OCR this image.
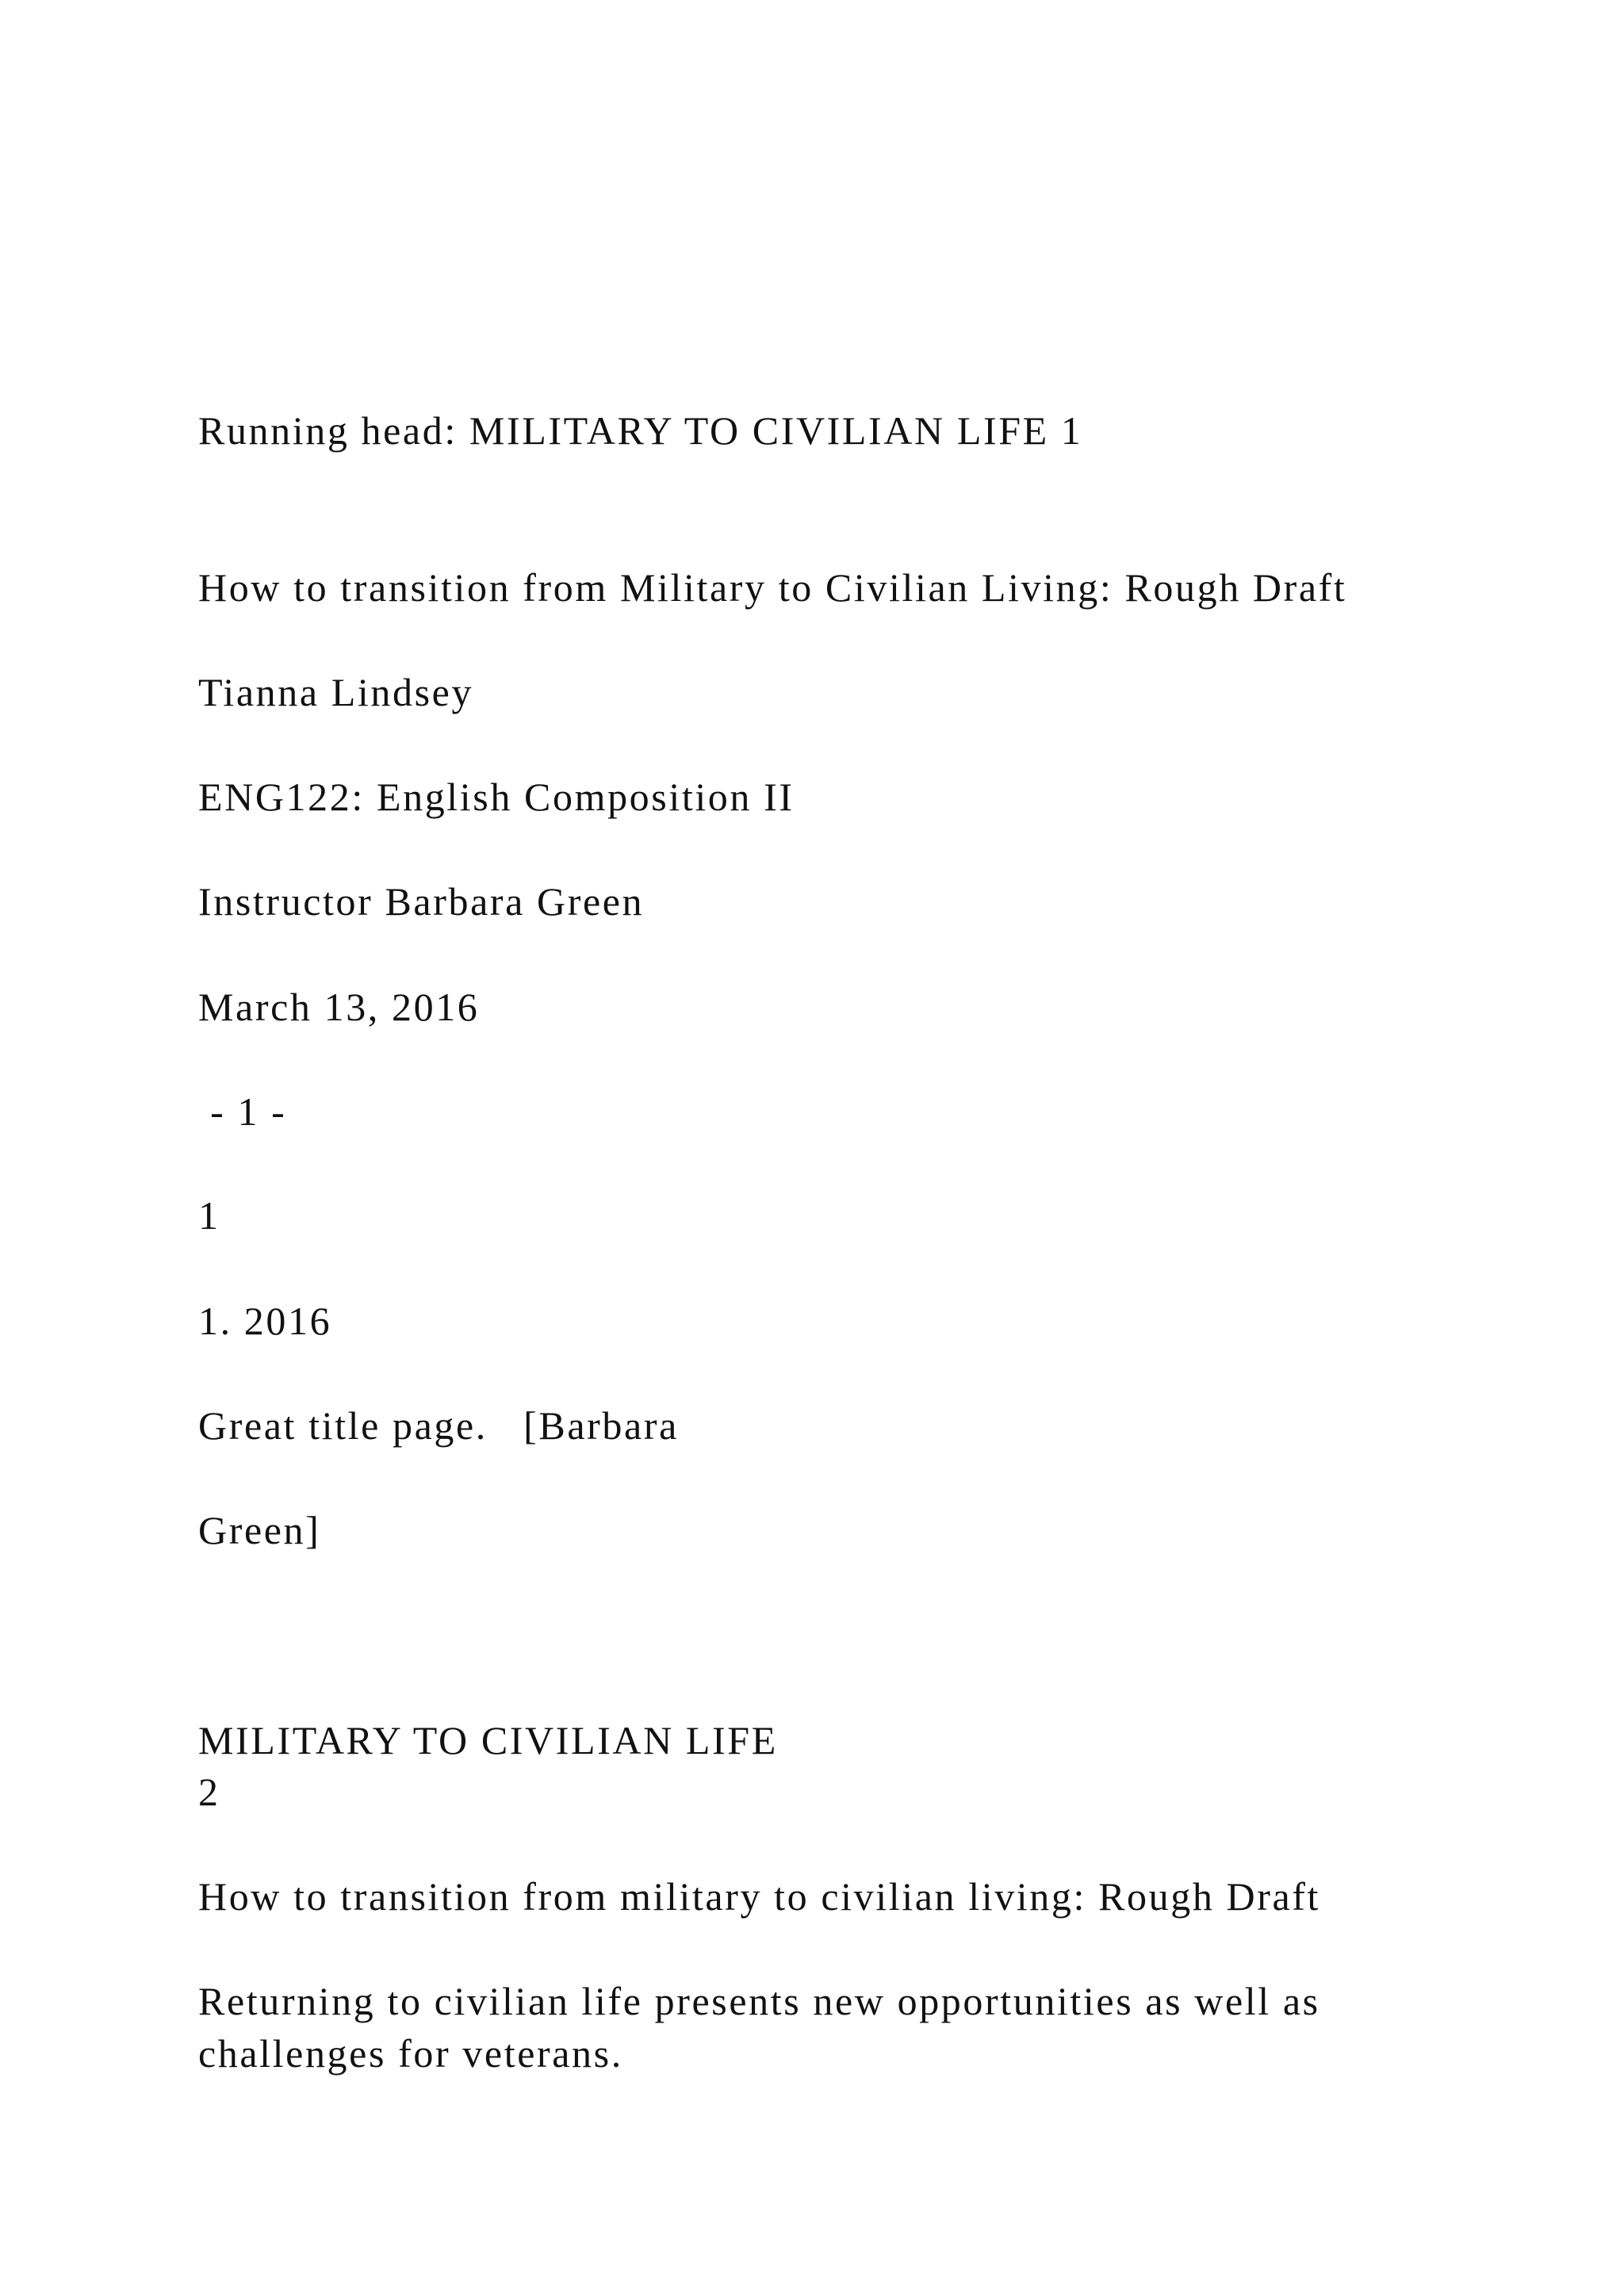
Running head: MILITARY TO CIVILIAN LIFE 1
How to transition from Military to Civilian Living: Rough Draft
Tianna Lindsey
ENG122: English Composition II
Instructor Barbara Green
March 13, 2016
- 1 -
1
1. 2016
Great title page.   [Barbara
Green]
MILITARY TO CIVILIAN LIFE
2
How to transition from military to civilian living: Rough Draft
Returning to civilian life presents new opportunities as well as challenges for veterans.
